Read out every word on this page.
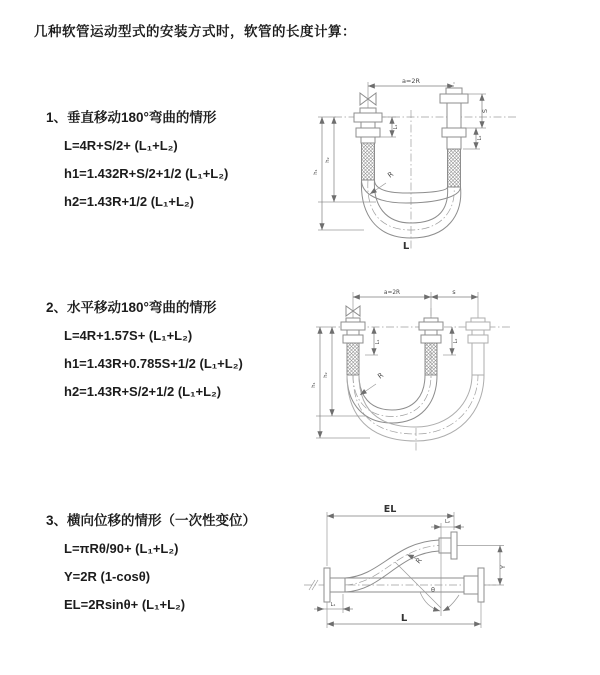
几种软管运动型式的安装方式时，软管的长度计算：
1、垂直移动180°弯曲的情形
L=4R+S/2+ (L₁+L₂)
h1=1.432R+S/2+1/2 (L₁+L₂)
h2=1.43R+1/2 (L₁+L₂)
2、水平移动180°弯曲的情形
L=4R+1.57S+ (L₁+L₂)
h1=1.43R+0.785S+1/2 (L₁+L₂)
h2=1.43R+S/2+1/2 (L₁+L₂)
3、横向位移的情形（一次性变位）
L=πRθ/90+ (L₁+L₂)
Y=2R (1-cosθ)
EL=2Rsinθ+ (L₁+L₂)
a=2R
L₁
S
L₂
h₁
h₂
R
L
a=2R	s
L₁	L₂
h₁
h₂	R
θ
R
EL
L₂
Y
L
L₁
